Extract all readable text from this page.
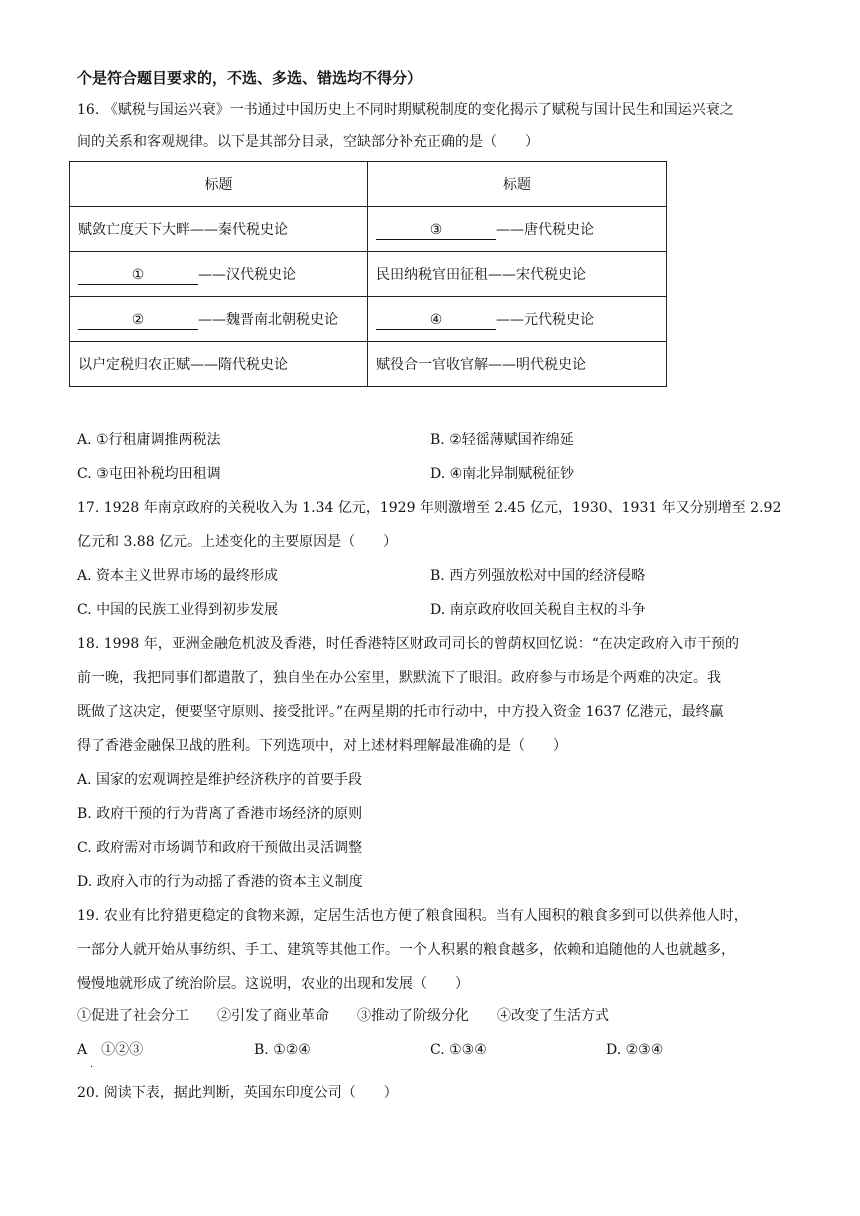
个是符合题目要求的，不选、多选、错选均不得分）
16. 《赋税与国运兴衰》一书通过中国历史上不同时期赋税制度的变化揭示了赋税与国计民生和国运兴衰之
间的关系和客观规律。以下是其部分目录，空缺部分补充正确的是（　　）
标题	标题
赋敛亡度天下大畔——秦代税史论	③ ——唐代税史论
① ——汉代税史论	民田纳税官田征租——宋代税史论
② ——魏晋南北朝税史论	④ ——元代税史论
以户定税归农正赋——隋代税史论	赋役合一官收官解——明代税史论
A. ①行租庸调推两税法	B. ②轻徭薄赋国祚绵延
C. ③屯田补税均田租调	D. ④南北异制赋税征钞
17. 1928 年南京政府的关税收入为 1.34 亿元，1929 年则激增至 2.45 亿元，1930、1931 年又分别增至 2.92
亿元和 3.88 亿元。上述变化的主要原因是（　　）
A. 资本主义世界市场的最终形成	B. 西方列强放松对中国的经济侵略
C. 中国的民族工业得到初步发展	D. 南京政府收回关税自主权的斗争
18. 1998 年，亚洲金融危机波及香港，时任香港特区财政司司长的曾荫权回忆说：“在决定政府入市干预的
前一晚，我把同事们都遣散了，独自坐在办公室里，默默流下了眼泪。政府参与市场是个两难的决定。我
既做了这决定，便要坚守原则、接受批评。”在两星期的托市行动中，中方投入资金 1637 亿港元，最终赢
得了香港金融保卫战的胜利。下列选项中，对上述材料理解最准确的是（　　）
A. 国家的宏观调控是维护经济秩序的首要手段
B. 政府干预的行为背离了香港市场经济的原则
C. 政府需对市场调节和政府干预做出灵活调整
D. 政府入市的行为动摇了香港的资本主义制度
19. 农业有比狩猎更稳定的食物来源，定居生活也方便了粮食囤积。当有人囤积的粮食多到可以供养他人时，
一部分人就开始从事纺织、手工、建筑等其他工作。一个人积累的粮食越多，依赖和追随他的人也就越多，
慢慢地就形成了统治阶层。这说明，农业的出现和发展（　　）
①促进了社会分工　　②引发了商业革命　　③推动了阶级分化　　④改变了生活方式
A　①②③
·
B. ①②④	C. ①③④	D. ②③④
20. 阅读下表，据此判断，英国东印度公司（　　）
